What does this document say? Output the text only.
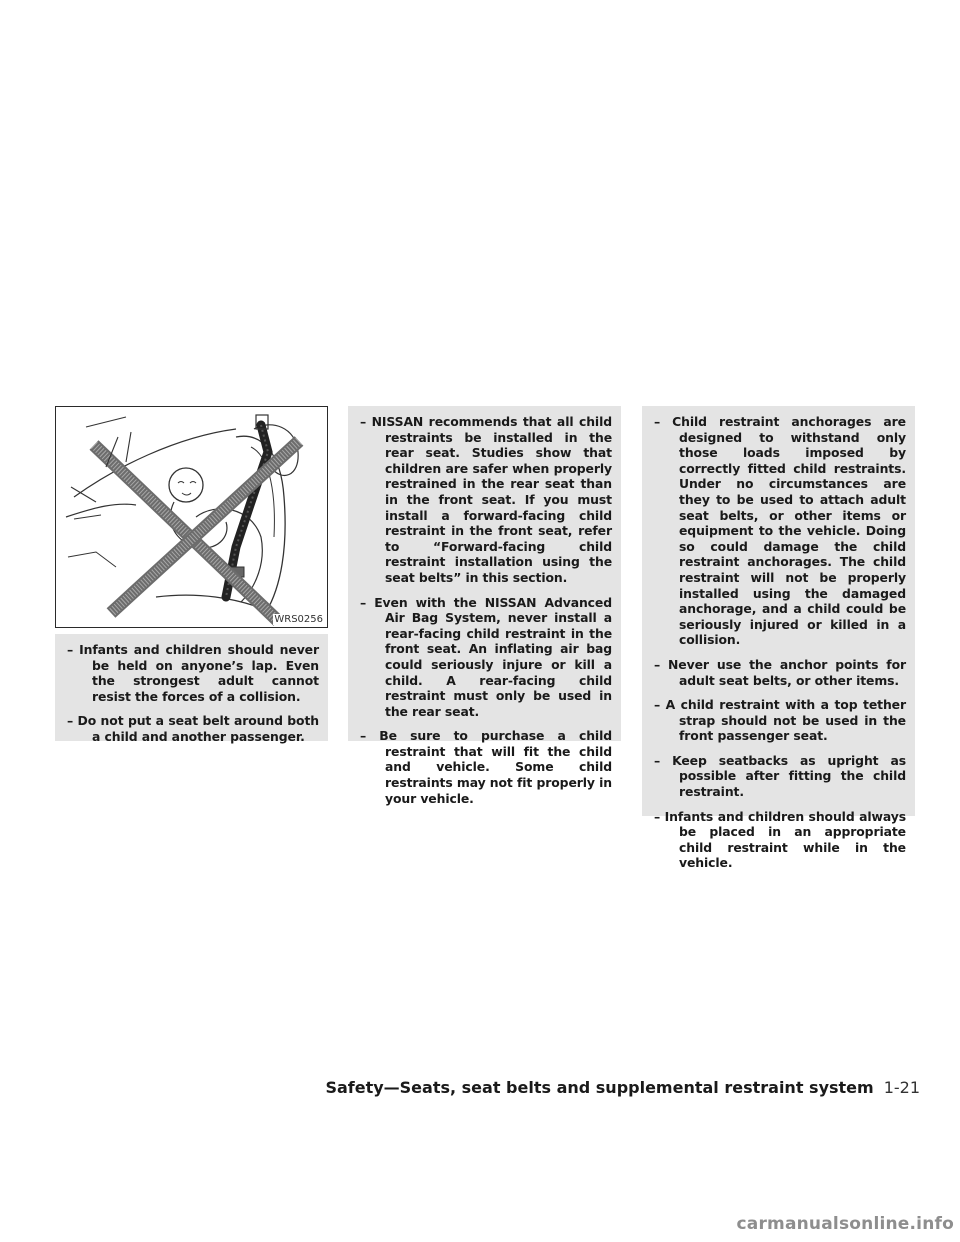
WRS0256

– Infants and children should never be held on anyone’s lap. Even the strongest adult cannot resist the forces of a collision.

– Do not put a seat belt around both a child and another passenger.

– NISSAN recommends that all child restraints be installed in the rear seat. Studies show that children are safer when properly restrained in the rear seat than in the front seat. If you must install a forward-facing child restraint in the front seat, refer to “Forward-facing child restraint installation using the seat belts” in this section.

– Even with the NISSAN Advanced Air Bag System, never install a rear-facing child restraint in the front seat. An inflating air bag could seriously injure or kill a child. A rear-facing child restraint must only be used in the rear seat.

– Be sure to purchase a child restraint that will fit the child and vehicle. Some child restraints may not fit properly in your vehicle.

– Child restraint anchorages are designed to withstand only those loads imposed by correctly fitted child restraints. Under no circumstances are they to be used to attach adult seat belts, or other items or equipment to the vehicle. Doing so could damage the child restraint anchorages. The child restraint will not be properly installed using the damaged anchorage, and a child could be seriously injured or killed in a collision.

– Never use the anchor points for adult seat belts, or other items.

– A child restraint with a top tether strap should not be used in the front passenger seat.

– Keep seatbacks as upright as possible after fitting the child restraint.

– Infants and children should always be placed in an appropriate child restraint while in the vehicle.

Safety—Seats, seat belts and supplemental restraint system 1-21
carmanualsonline.info
